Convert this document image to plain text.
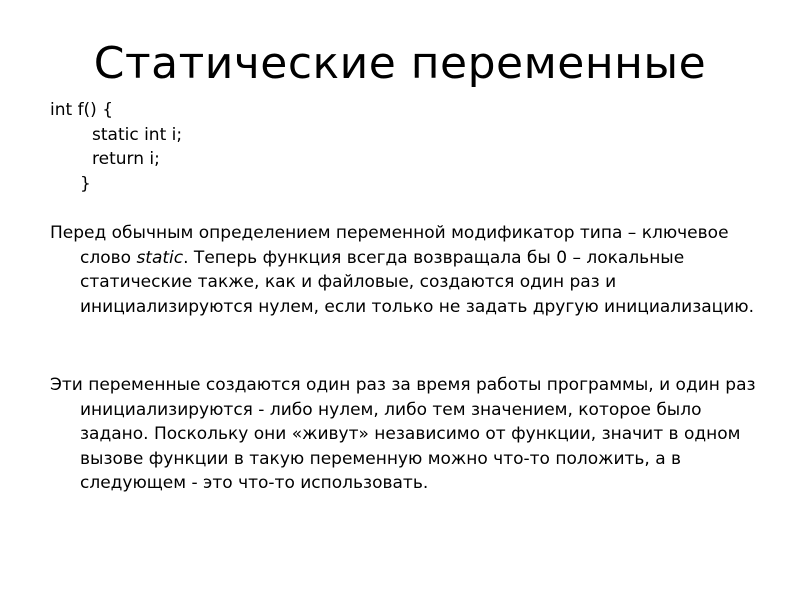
Статические переменные
int f() {
static int i;
return i;
}
Перед обычным определением переменной модификатор типа – ключевое слово static. Теперь функция всегда возвращала бы 0 – локальные статические также, как и файловые, создаются один раз и инициализируются нулем, если только не задать другую инициализацию.
Эти переменные создаются один раз за время работы программы, и один раз инициализируются - либо нулем, либо тем значением, которое было задано. Поскольку они «живут» независимо от функции, значит в одном вызове функции в такую переменную можно что-то положить, а в следующем - это что-то использовать.
